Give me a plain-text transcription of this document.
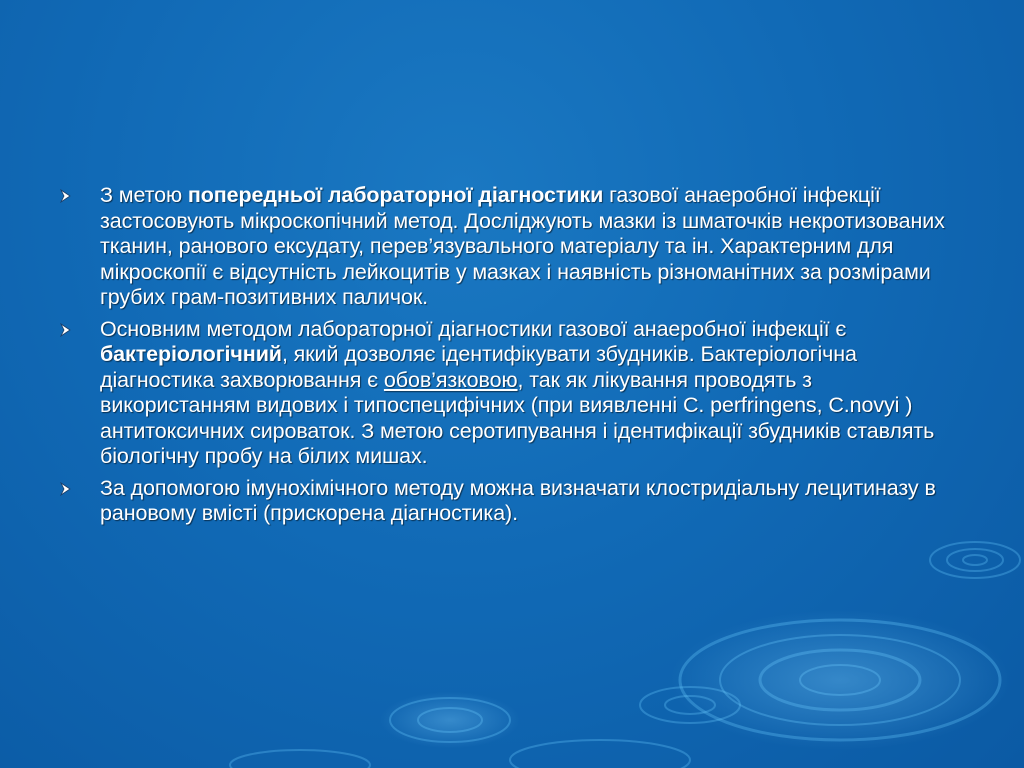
З метою попередньої лабораторної діагностики газової анаеробної інфекції застосовують мікроскопічний метод. Досліджують мазки із шматочків некротизованих тканин, ранового ексудату, перев’язувального матеріалу та ін. Характерним для мікроскопії є відсутність лейкоцитів у мазках і наявність різноманітних за розмірами грубих грам-позитивних паличок.
Основним методом лабораторної діагностики газової анаеробної інфекції є бактеріологічний, який дозволяє ідентифікувати збудників. Бактеріологічна діагностика захворювання є обов’язковою, так як лікування проводять з використанням видових і типоспецифічних (при виявленні C. perfringens, C.novyi ) антитоксичних сироваток. З метою серотипування і ідентифікації збудників ставлять біологічну пробу на білих мишах.
За допомогою імунохімічного методу можна визначати клостридіальну лецитиназу в рановому вмісті (прискорена діагностика).
